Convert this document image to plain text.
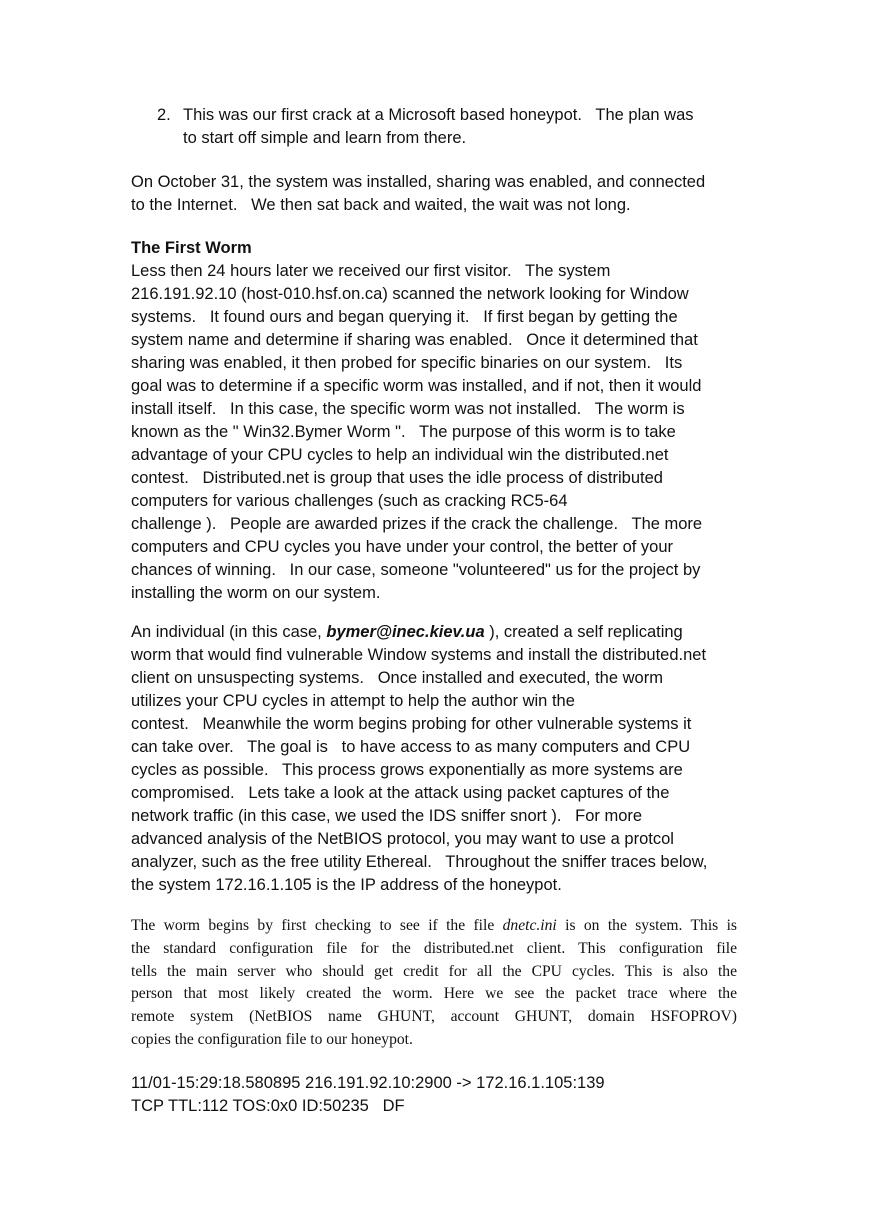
2. This was our first crack at a Microsoft based honeypot.   The plan was
to start off simple and learn from there.
On October 31, the system was installed, sharing was enabled, and connected
to the Internet.   We then sat back and waited, the wait was not long.
The First Worm
Less then 24 hours later we received our first visitor.   The system
216.191.92.10 (host-010.hsf.on.ca) scanned the network looking for Window
systems.   It found ours and began querying it.   If first began by getting the
system name and determine if sharing was enabled.   Once it determined that
sharing was enabled, it then probed for specific binaries on our system.   Its
goal was to determine if a specific worm was installed, and if not, then it would
install itself.   In this case, the specific worm was not installed.   The worm is
known as the " Win32.Bymer Worm ".   The purpose of this worm is to take
advantage of your CPU cycles to help an individual win the distributed.net
contest.   Distributed.net is group that uses the idle process of distributed
computers for various challenges (such as cracking RC5-64
challenge ).   People are awarded prizes if the crack the challenge.   The more
computers and CPU cycles you have under your control, the better of your
chances of winning.   In our case, someone "volunteered" us for the project by
installing the worm on our system.
An individual (in this case, bymer@inec.kiev.ua ), created a self replicating
worm that would find vulnerable Window systems and install the distributed.net
client on unsuspecting systems.   Once installed and executed, the worm
utilizes your CPU cycles in attempt to help the author win the
contest.   Meanwhile the worm begins probing for other vulnerable systems it
can take over.   The goal is   to have access to as many computers and CPU
cycles as possible.   This process grows exponentially as more systems are
compromised.   Lets take a look at the attack using packet captures of the
network traffic (in this case, we used the IDS sniffer snort ).   For more
advanced analysis of the NetBIOS protocol, you may want to use a protcol
analyzer, such as the free utility Ethereal.   Throughout the sniffer traces below,
the system 172.16.1.105 is the IP address of the honeypot.
The worm begins by first checking to see if the file dnetc.ini is on the system. This is
the standard configuration file for the distributed.net client. This configuration file
tells the main server who should get credit for all the CPU cycles. This is also the
person that most likely created the worm. Here we see the packet trace where the
remote system (NetBIOS name GHUNT, account GHUNT, domain HSFOPROV)
copies the configuration file to our honeypot.
11/01-15:29:18.580895 216.191.92.10:2900 -> 172.16.1.105:139
TCP TTL:112 TOS:0x0 ID:50235   DF
